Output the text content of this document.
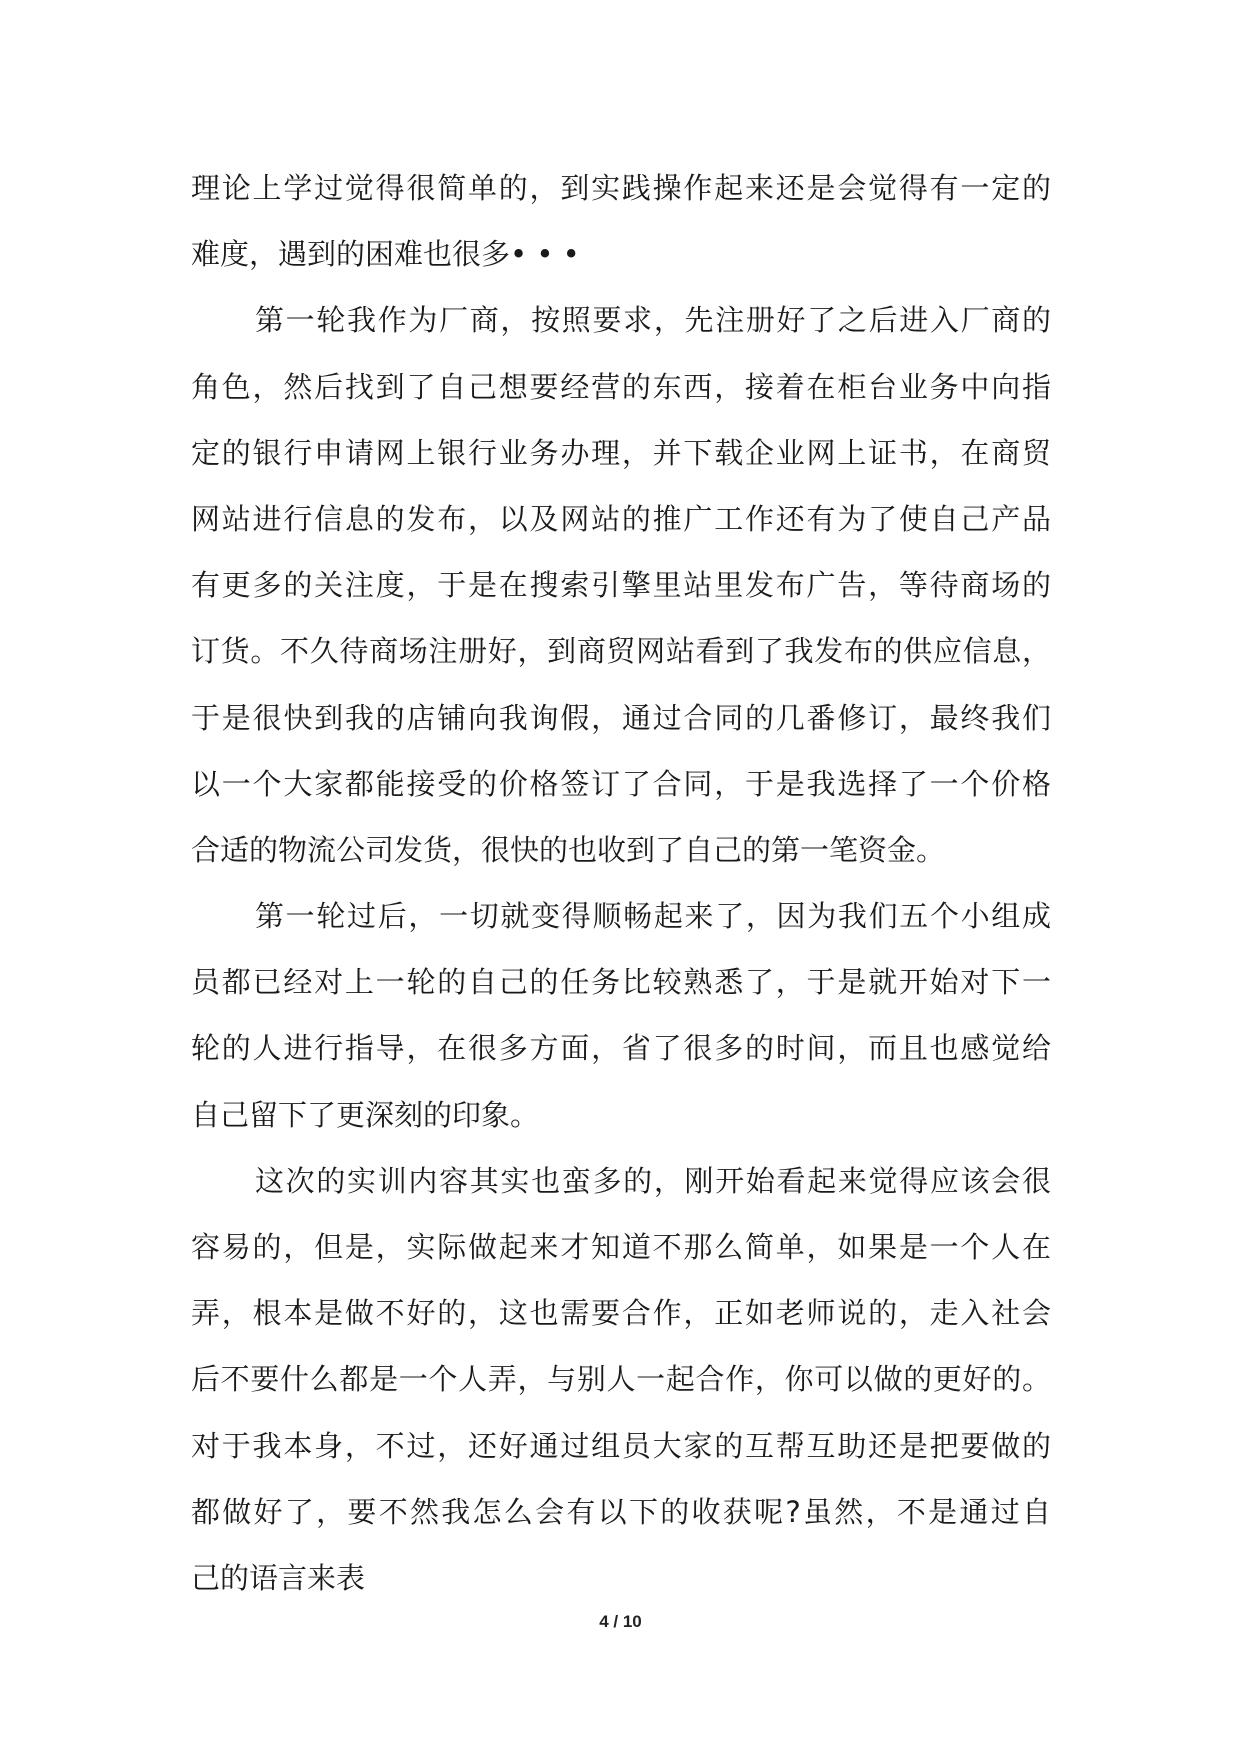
理论上学过觉得很简单的，到实践操作起来还是会觉得有一定的
难度，遇到的困难也很多• • •
第一轮我作为厂商，按照要求，先注册好了之后进入厂商的
角色，然后找到了自己想要经营的东西，接着在柜台业务中向指
定的银行申请网上银行业务办理，并下载企业网上证书，在商贸
网站进行信息的发布，以及网站的推广工作还有为了使自己产品
有更多的关注度，于是在搜索引擎里站里发布广告，等待商场的
订货。不久待商场注册好，到商贸网站看到了我发布的供应信息，
于是很快到我的店铺向我询假，通过合同的几番修订，最终我们
以一个大家都能接受的价格签订了合同，于是我选择了一个价格
合适的物流公司发货，很快的也收到了自己的第一笔资金。
第一轮过后，一切就变得顺畅起来了，因为我们五个小组成
员都已经对上一轮的自己的任务比较熟悉了，于是就开始对下一
轮的人进行指导，在很多方面，省了很多的时间，而且也感觉给
自己留下了更深刻的印象。
这次的实训内容其实也蛮多的，刚开始看起来觉得应该会很
容易的，但是，实际做起来才知道不那么简单，如果是一个人在
弄，根本是做不好的，这也需要合作，正如老师说的，走入社会
后不要什么都是一个人弄，与别人一起合作，你可以做的更好的。
对于我本身，不过，还好通过组员大家的互帮互助还是把要做的
都做好了，要不然我怎么会有以下的收获呢?虽然，不是通过自
己的语言来表
4 / 10
